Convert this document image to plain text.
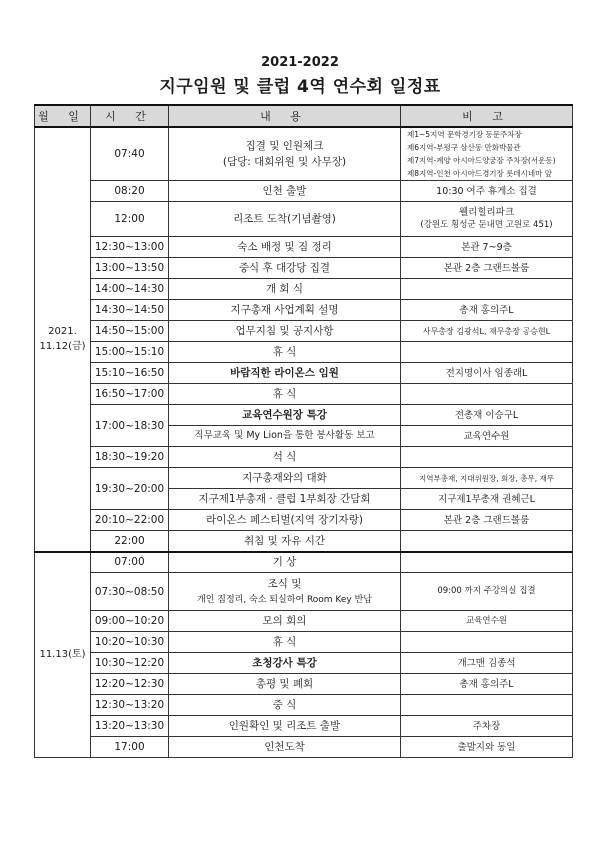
2021-2022
지구임원 및 클럽 4역 연수회 일정표
월 일	시 간	내 용	비 고

2021.
11.12(금)	07:40	집결 및 인원체크
(담당: 대회위원 및 사무장)	제1~5지역 문학경기장 동문주차장
제6지역-부평구 삼산동 만화박물관
제7지역-계양 아시아드양궁장 주차장(서운동)
제8지역-인천 아시아드경기장 롯데시네마 앞

	08:20	인천 출발	10:30 여주 휴게소 집결
	12:00	리조트 도착(기념촬영)	웰리힐리파크
(강원도 횡성군 둔내면 고원로 451)

	12:30~13:00	숙소 배정 및 짐 정리	본관 7~9층
	13:00~13:50	중식 후 대강당 집결	본관 2층 그랜드볼룸
	14:00~14:30	개 회 식	
	14:30~14:50	지구총재 사업계획 설명	총재 홍의주L
	14:50~15:00	업무지침 및 공지사항	사무총장 김광석L, 재무총장 공승현L
	15:00~15:10	휴 식	
	15:10~16:50	바람직한 라이온스 임원	전지명이사 임종래L
	16:50~17:00	휴 식	
	17:00~18:30	교육연수원장 특강	전총재 이승구L
		직무교육 및 My Lion을 통한 봉사활동 보고	교육연수원
	18:30~19:20	석 식	
	19:30~20:00	지구총재와의 대화	지역부총재, 지대위원장, 회장, 총무, 재무
		지구제1부총재 · 클럽 1부회장 간담회	지구제1부총재 권혜근L
	20:10~22:00	라이온스 페스티벌(지역 장기자랑)	본관 2층 그랜드볼룸
	22:00	취침 및 자유 시간	
11.13(토)	07:00	기 상	
	07:30~08:50	조식 및
개인 짐정리, 숙소 퇴실하여 Room Key 반납	09:00 까지 주강의실 집결
	09:00~10:20	모의 회의	교육연수원
	10:20~10:30	휴 식	
	10:30~12:20	초청강사 특강	개그맨 김종석
	12:20~12:30	총평 및 폐회	총재 홍의주L
	12:30~13:20	중 식	
	13:20~13:30	인원확인 및 리조트 출발	주차장
	17:00	인천도착	출발지와 동일
